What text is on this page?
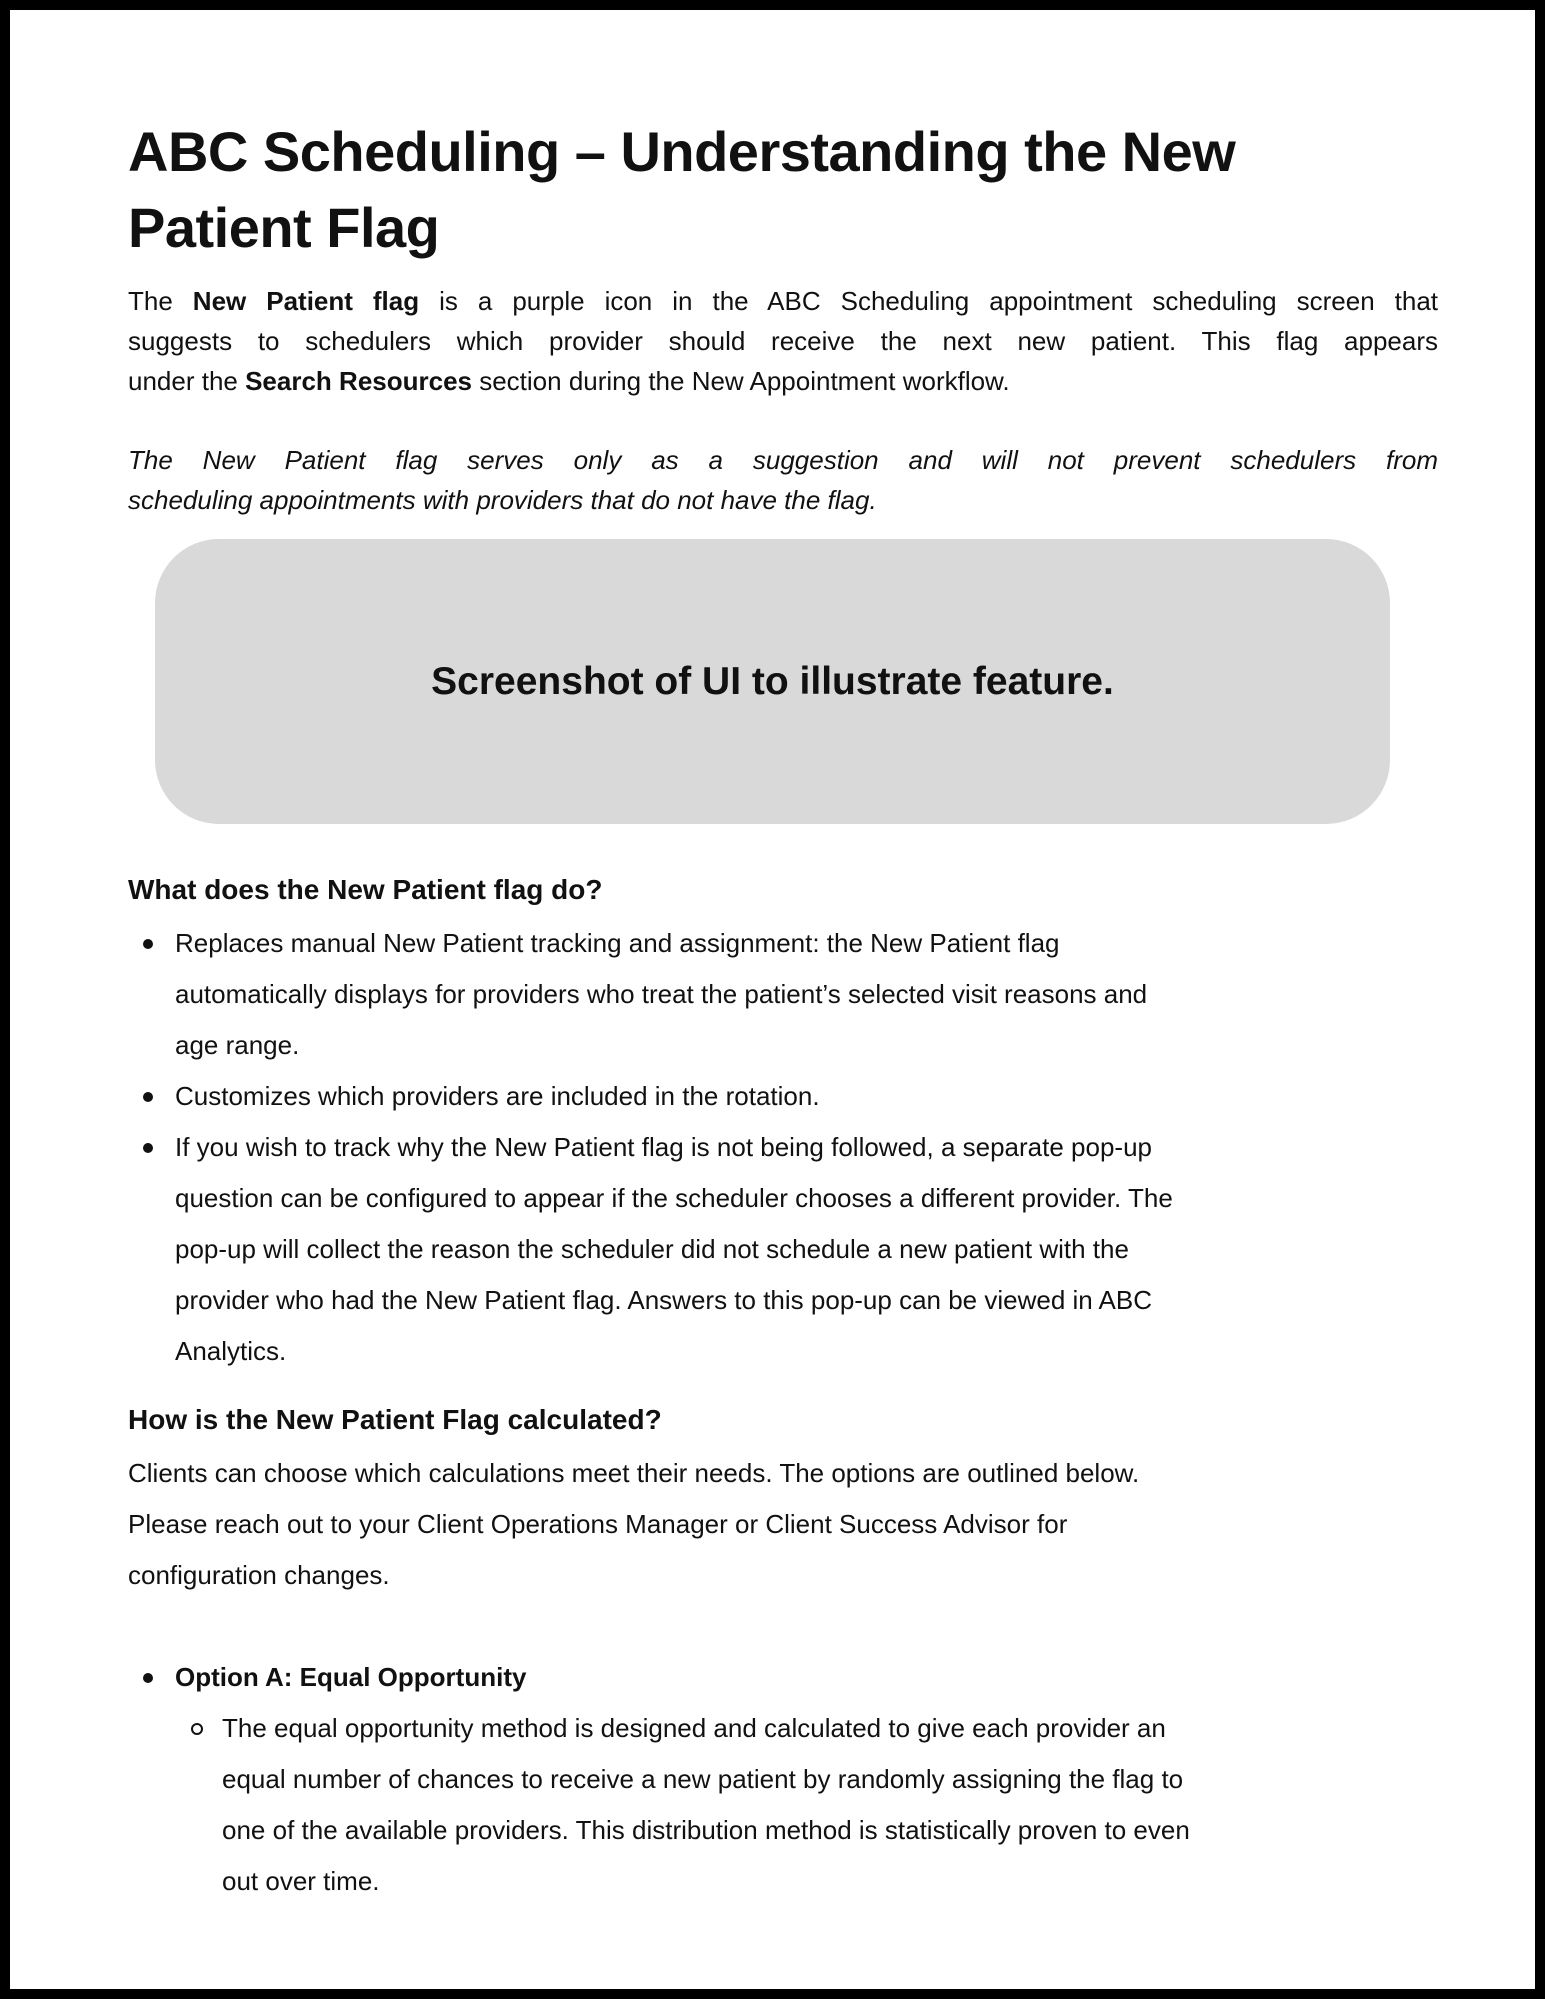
ABC Scheduling – Understanding the New
Patient Flag
The New Patient flag is a purple icon in the ABC Scheduling appointment scheduling screen that
suggests to schedulers which provider should receive the next new patient. This flag appears
under the Search Resources section during the New Appointment workflow.
The New Patient flag serves only as a suggestion and will not prevent schedulers from
scheduling appointments with providers that do not have the flag.
Screenshot of UI to illustrate feature.
What does the New Patient flag do?
Replaces manual New Patient tracking and assignment: the New Patient flag
automatically displays for providers who treat the patient’s selected visit reasons and
age range.
Customizes which providers are included in the rotation.
If you wish to track why the New Patient flag is not being followed, a separate pop-up
question can be configured to appear if the scheduler chooses a different provider. The
pop-up will collect the reason the scheduler did not schedule a new patient with the
provider who had the New Patient flag. Answers to this pop-up can be viewed in ABC
Analytics.
How is the New Patient Flag calculated?
Clients can choose which calculations meet their needs. The options are outlined below.
Please reach out to your Client Operations Manager or Client Success Advisor for
configuration changes.
Option A: Equal Opportunity
The equal opportunity method is designed and calculated to give each provider an
equal number of chances to receive a new patient by randomly assigning the flag to
one of the available providers. This distribution method is statistically proven to even
out over time.
